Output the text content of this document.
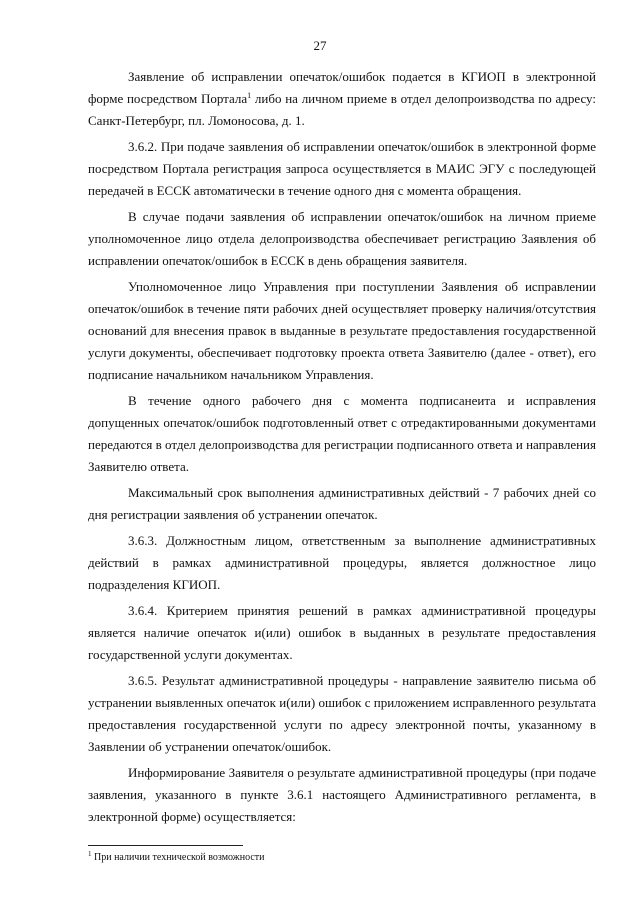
27

Заявление об исправлении опечаток/ошибок подается в КГИОП в электронной форме посредством Портала$^1$ либо на личном приеме в отдел делопроизводства по адресу: Санкт-Петербург, пл. Ломоносова, д. 1.

3.6.2. При подаче заявления об исправлении опечаток/ошибок в электронной форме посредством Портала регистрация запроса осуществляется в МАИС ЭГУ с последующей передачей в ЕССК автоматически в течение одного дня с момента обращения.

В случае подачи заявления об исправлении опечаток/ошибок на личном приеме уполномоченное лицо отдела делопроизводства обеспечивает регистрацию Заявления об исправлении опечаток/ошибок в ЕССК в день обращения заявителя.

Уполномоченное лицо Управления при поступлении Заявления об исправлении опечаток/ошибок в течение пяти рабочих дней осуществляет проверку наличия/отсутствия оснований для внесения правок в выданные в результате предоставления государственной услуги документы, обеспечивает подготовку проекта ответа Заявителю (далее - ответ), его подписание начальником начальником Управления.

В течение одного рабочего дня с момента подписанеита и исправления допущенных опечаток/ошибок подготовленный ответ с отредактированными документами передаются в отдел делопроизводства для регистрации подписанного ответа и направления Заявителю ответа.

Максимальный срок выполнения административных действий - 7 рабочих дней со дня регистрации заявления об устранении опечаток.

3.6.3. Должностным лицом, ответственным за выполнение административных действий в рамках административной процедуры, является должностное лицо подразделения КГИОП.

3.6.4. Критерием принятия решений в рамках административной процедуры является наличие опечаток и(или) ошибок в выданных в результате предоставления государственной услуги документах.

3.6.5. Результат административной процедуры - направление заявителю письма об устранении выявленных опечаток и(или) ошибок с приложением исправленного результата предоставления государственной услуги по адресу электронной почты, указанному в Заявлении об устранении опечаток/ошибок.

Информирование Заявителя о результате административной процедуры (при подаче заявления, указанного в пункте 3.6.1 настоящего Административного регламента, в электронной форме) осуществляется:

$^1$ При наличии технической возможности
